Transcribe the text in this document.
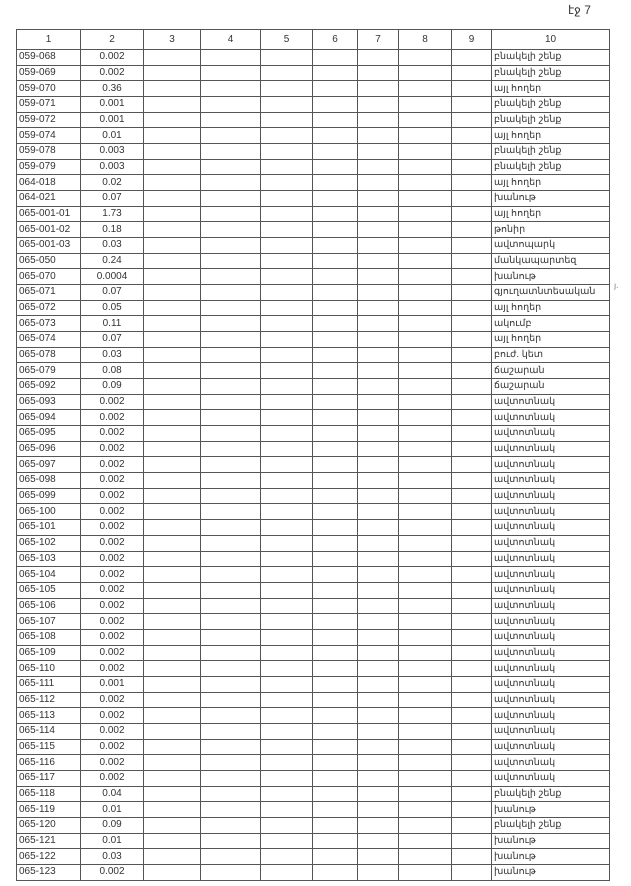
էջ 7
յ.
1	2	3	4	5	6	7	8	9	10
059-068	0.002								բնակելի շենք
059-069	0.002								բնակելի շենք
059-070	0.36								այլ հողեր
059-071	0.001								բնակելի շենք
059-072	0.001								բնակելի շենք
059-074	0.01								այլ հողեր
059-078	0.003								բնակելի շենք
059-079	0.003								բնակելի շենք
064-018	0.02								այլ հողեր
064-021	0.07								խանութ
065-001-01	1.73								այլ հողեր
065-001-02	0.18								թոնիր
065-001-03	0.03								ավտոպարկ
065-050	0.24								մանկապարտեզ
065-070	0.0004								խանութ
065-071	0.07								գյուղատնտեսական
065-072	0.05								այլ հողեր
065-073	0.11								ակումբ
065-074	0.07								այլ հողեր
065-078	0.03								բուժ. կետ
065-079	0.08								ճաշարան
065-092	0.09								ճաշարան
065-093	0.002								ավտոտնակ
065-094	0.002								ավտոտնակ
065-095	0.002								ավտոտնակ
065-096	0.002								ավտոտնակ
065-097	0.002								ավտոտնակ
065-098	0.002								ավտոտնակ
065-099	0.002								ավտոտնակ
065-100	0.002								ավտոտնակ
065-101	0.002								ավտոտնակ
065-102	0.002								ավտոտնակ
065-103	0.002								ավտոտնակ
065-104	0.002								ավտոտնակ
065-105	0.002								ավտոտնակ
065-106	0.002								ավտոտնակ
065-107	0.002								ավտոտնակ
065-108	0.002								ավտոտնակ
065-109	0.002								ավտոտնակ
065-110	0.002								ավտոտնակ
065-111	0.001								ավտոտնակ
065-112	0.002								ավտոտնակ
065-113	0.002								ավտոտնակ
065-114	0.002								ավտոտնակ
065-115	0.002								ավտոտնակ
065-116	0.002								ավտոտնակ
065-117	0.002								ավտոտնակ
065-118	0.04								բնակելի շենք
065-119	0.01								խանութ
065-120	0.09								բնակելի շենք
065-121	0.01								խանութ
065-122	0.03								խանութ
065-123	0.002								խանութ
